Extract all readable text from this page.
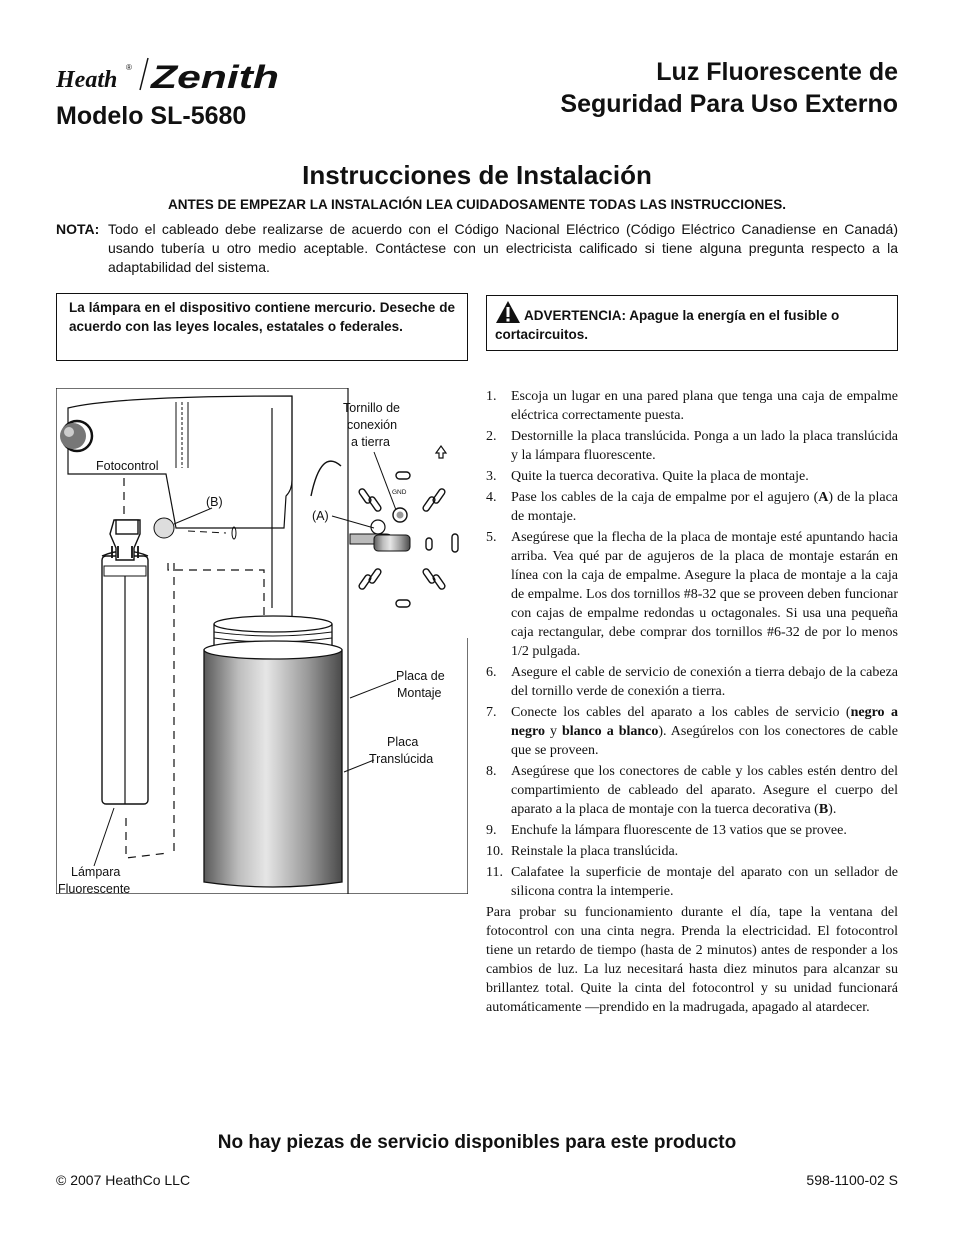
Heath ® Zenith
Modelo SL-5680
Luz Fluorescente de
Seguridad Para Uso Externo
Instrucciones de Instalación
ANTES DE EMPEZAR LA INSTALACIÓN LEA CUIDADOSAMENTE TODAS LAS INSTRUCCIONES.
NOTA: Todo el cableado debe realizarse de acuerdo con el Código Nacional Eléctrico (Código Eléctrico Canadiense en Canadá) usando tubería u otro medio aceptable. Contáctese con un electricista calificado si tiene alguna pregunta respecto a la adaptabilidad del sistema.
La lámpara en el dispositivo contiene mercurio. Deseche de acuerdo con las leyes locales, estatales o federales.
ADVERTENCIA: Apague la energía en el fusible o cortacircuitos.
Fotocontrol
GND
Tornillo de
conexión
a tierra
(A)
(B)
Lámpara
Fluorescente
Placa de
Montaje
Placa
Translúcida
1. Escoja un lugar en una pared plana que tenga una caja de empalme eléctrica correctamente puesta.
2. Destornille la placa translúcida. Ponga a un lado la placa translúcida y la lámpara fluorescente.
3. Quite la tuerca decorativa. Quite la placa de montaje.
4. Pase los cables de la caja de empalme por el agujero (A) de la placa de montaje.
5. Asegúrese que la flecha de la placa de montaje esté apuntando hacia arriba. Vea qué par de agujeros de la placa de montaje estarán en línea con la caja de empalme. Asegure la placa de montaje a la caja de empalme. Los dos tornillos #8-32 que se proveen deben funcionar con cajas de empalme redondas u octagonales. Si usa una pequeña caja rectangular, debe comprar dos tornillos #6-32 de por lo menos 1/2 pulgada.
6. Asegure el cable de servicio de conexión a tierra debajo de la cabeza del tornillo verde de conexión a tierra.
7. Conecte los cables del aparato a los cables de servicio (negro a negro y blanco a blanco). Asegúrelos con los conectores de cable que se proveen.
8. Asegúrese que los conectores de cable y los cables estén dentro del compartimiento de cableado del aparato. Asegure el cuerpo del aparato a la placa de montaje con la tuerca decorativa (B).
9. Enchufe la lámpara fluorescente de 13 vatios que se provee.
10. Reinstale la placa translúcida.
11. Calafatee la superficie de montaje del aparato con un sellador de silicona contra la intemperie.

Para probar su funcionamiento durante el día, tape la ventana del fotocontrol con una cinta negra. Prenda la electricidad. El fotocontrol tiene un retardo de tiempo (hasta de 2 minutos) antes de responder a los cambios de luz. La luz necesitará hasta diez minutos para alcanzar su brillantez total. Quite la cinta del fotocontrol y su unidad funcionará automáticamente —prendido en la madrugada, apagado al atardecer.

No hay piezas de servicio disponibles para este producto
© 2007 HeathCo LLC	598-1100-02 S
